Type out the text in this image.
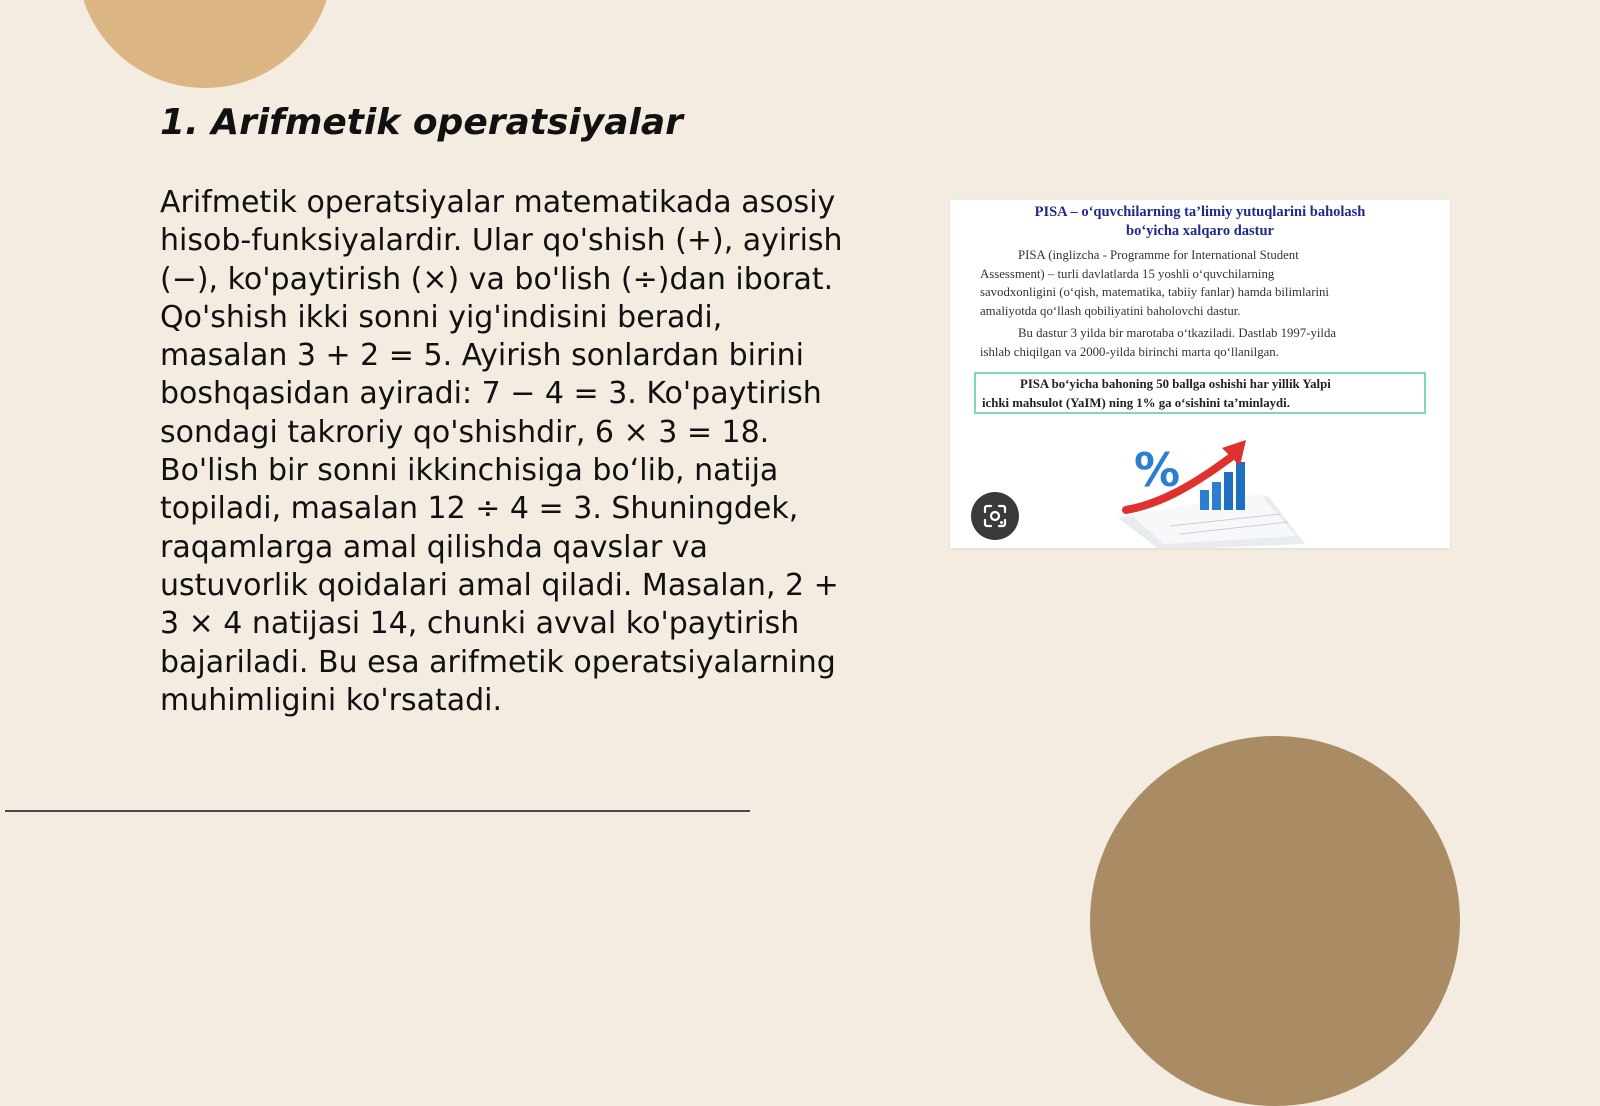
1. Arifmetik operatsiyalar
Arifmetik operatsiyalar matematikada asosiy
hisob-funksiyalardir. Ular qo'shish (+), ayirish
(−), ko'paytirish (×) va bo'lish (÷)dan iborat.
Qo'shish ikki sonni yig'indisini beradi,
masalan 3 + 2 = 5. Ayirish sonlardan birini
boshqasidan ayiradi: 7 − 4 = 3. Ko'paytirish
sondagi takroriy qo'shishdir, 6 × 3 = 18.
Bo'lish bir sonni ikkinchisiga bo‘lib, natija
topiladi, masalan 12 ÷ 4 = 3. Shuningdek,
raqamlarga amal qilishda qavslar va
ustuvorlik qoidalari amal qiladi. Masalan, 2 +
3 × 4 natijasi 14, chunki avval ko'paytirish
bajariladi. Bu esa arifmetik operatsiyalarning
muhimligini ko'rsatadi.
PISA – o‘quvchilarning ta’limiy yutuqlarini baholash
bo‘yicha xalqaro dastur
PISA (inglizcha - Programme for International Student
Assessment) – turli davlatlarda 15 yoshli o‘quvchilarning
savodxonligini (o‘qish, matematika, tabiiy fanlar) hamda bilimlarini
amaliyotda qo‘llash qobiliyatini baholovchi dastur.
Bu dastur 3 yilda bir marotaba o‘tkaziladi. Dastlab 1997-yilda
ishlab chiqilgan va 2000-yilda birinchi marta qo‘llanilgan.
PISA bo‘yicha bahoning 50 ballga oshishi har yillik Yalpi
ichki mahsulot (YaIM) ning 1% ga o‘sishini ta’minlaydi.
%
